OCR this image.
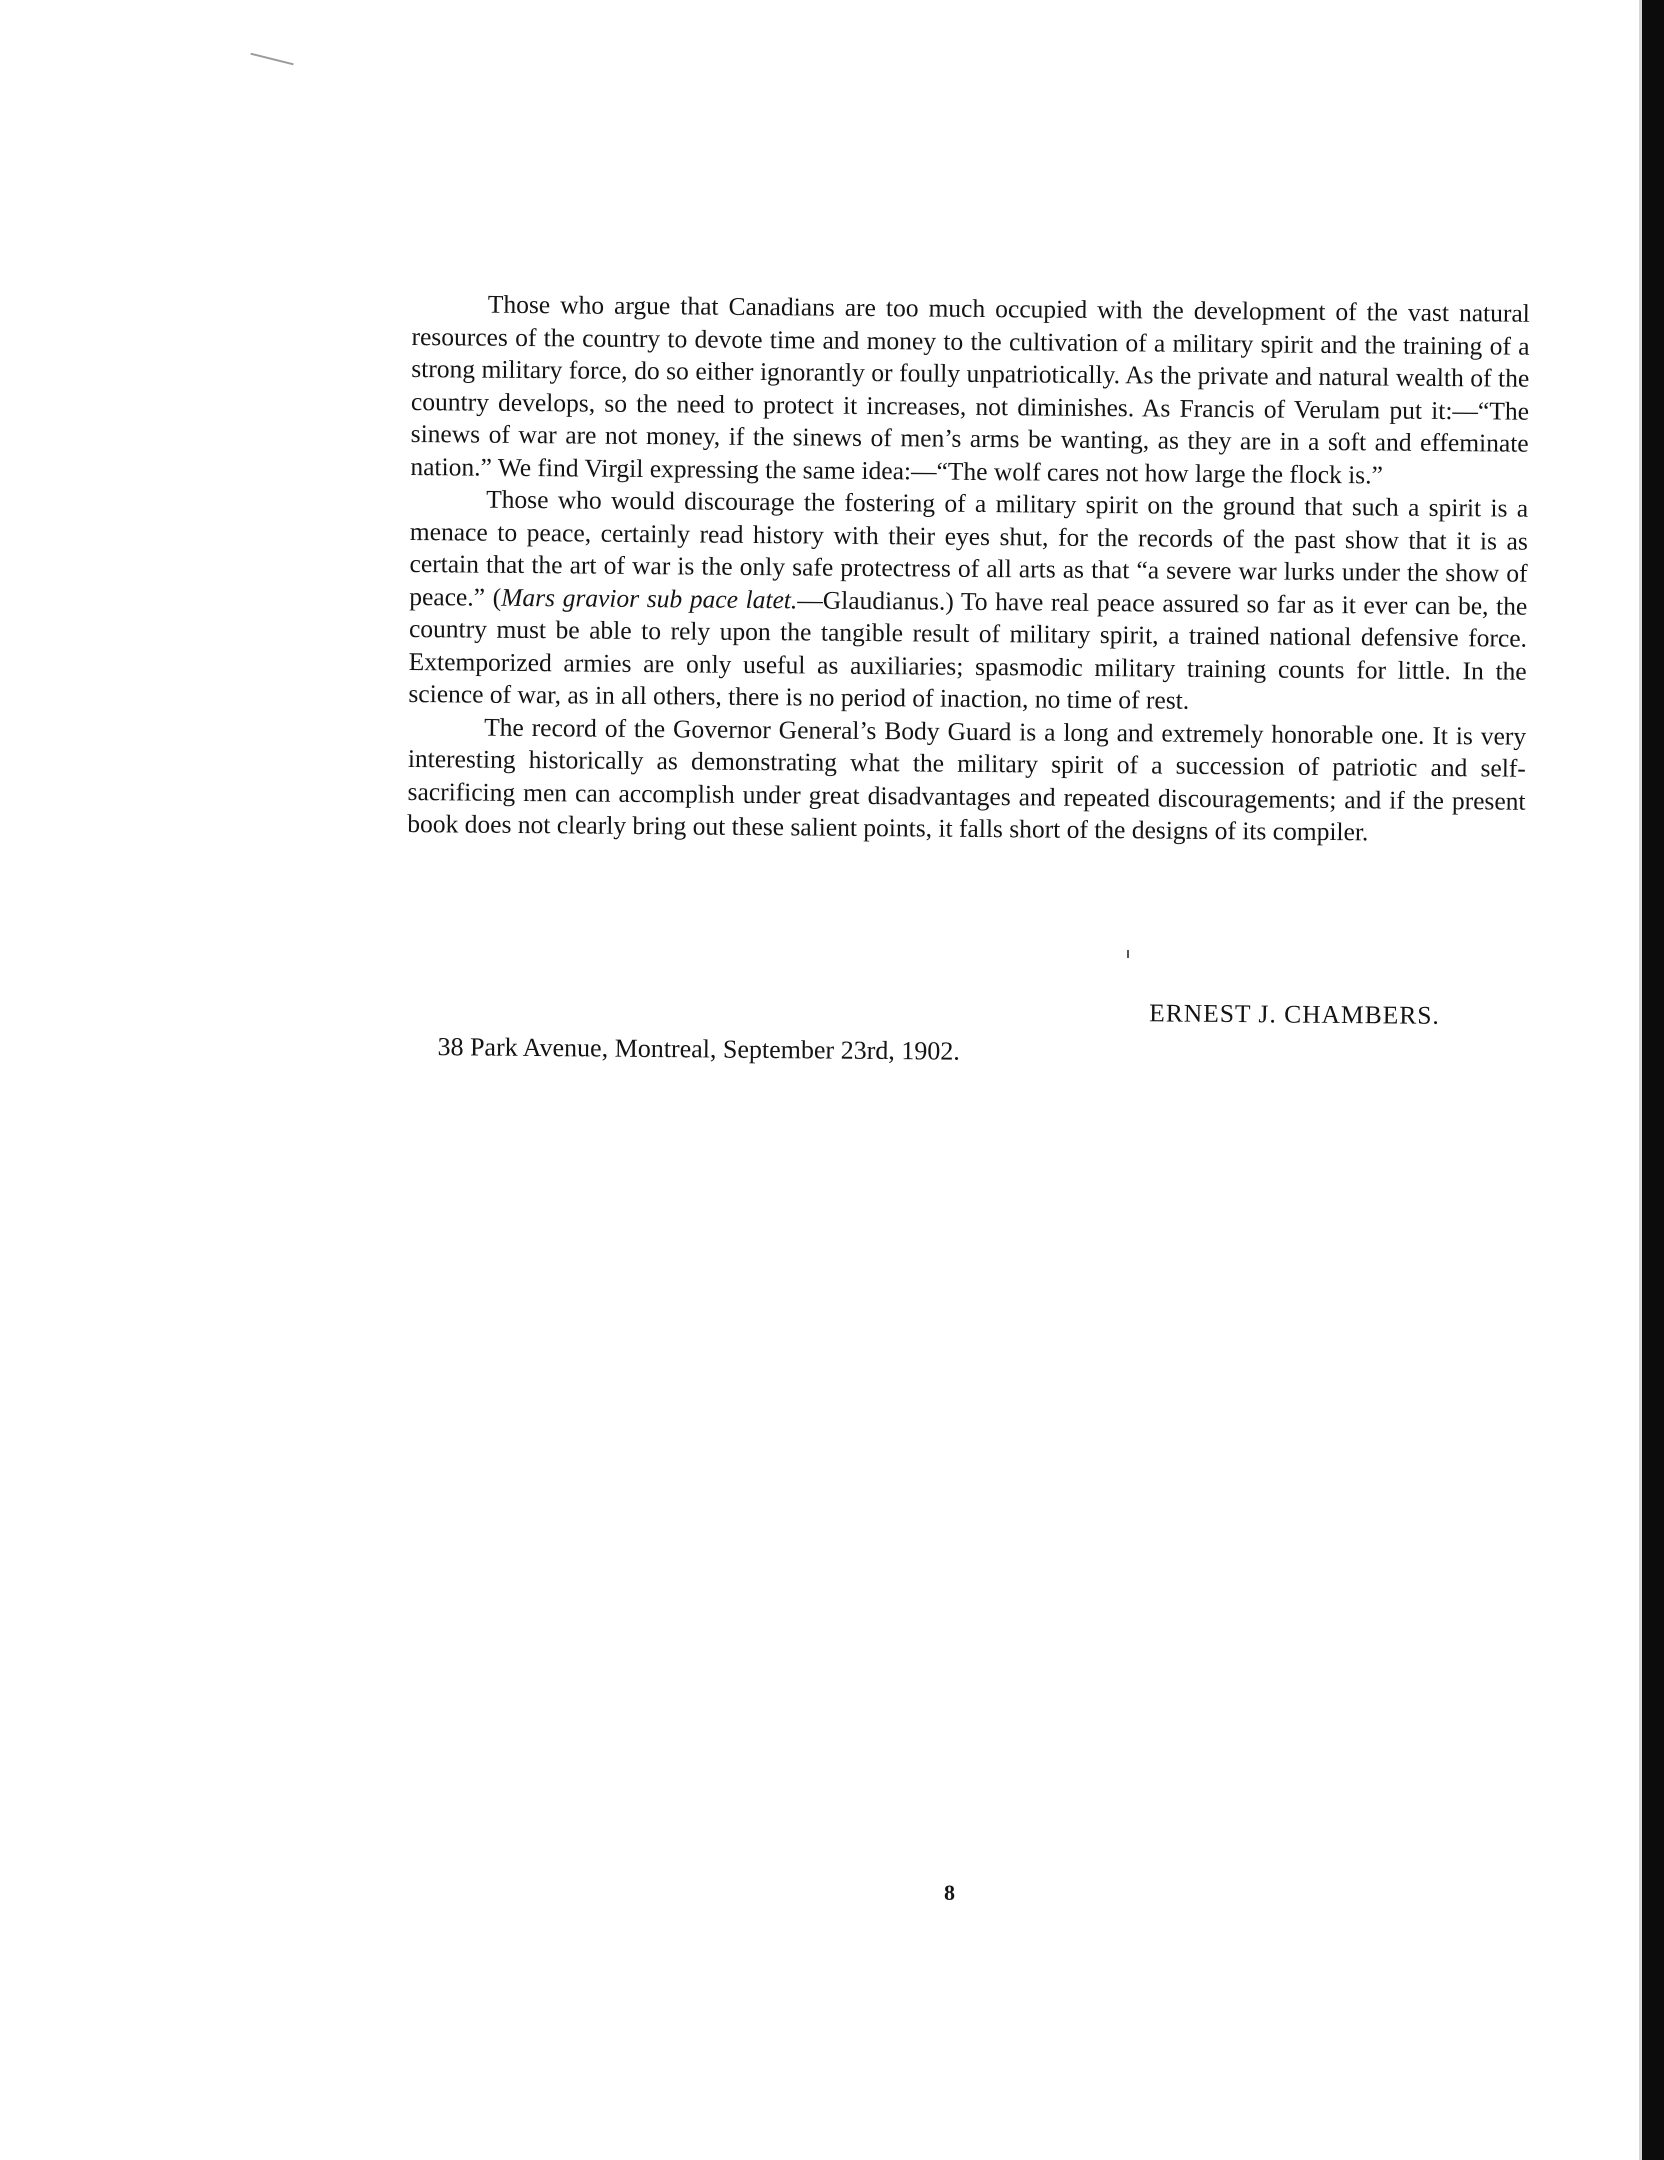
Those who argue that Canadians are too much occupied with the development of the vast natural resources of the country to devote time and money to the cultivation of a military spirit and the training of a strong military force, do so either ignorantly or foully unpatriotically. As the private and natural wealth of the country develops, so the need to protect it increases, not diminishes. As Francis of Verulam put it:—“The sinews of war are not money, if the sinews of men’s arms be wanting, as they are in a soft and effeminate nation.” We find Virgil expressing the same idea:—“The wolf cares not how large the flock is.”

Those who would discourage the fostering of a military spirit on the ground that such a spirit is a menace to peace, certainly read history with their eyes shut, for the records of the past show that it is as certain that the art of war is the only safe protectress of all arts as that “a severe war lurks under the show of peace.” (Mars gravior sub pace latet.—Glaudianus.) To have real peace assured so far as it ever can be, the country must be able to rely upon the tangible result of military spirit, a trained national defensive force. Extemporized armies are only useful as auxiliaries; spasmodic military training counts for little. In the science of war, as in all others, there is no period of inaction, no time of rest.

The record of the Governor General’s Body Guard is a long and extremely honorable one. It is very interesting historically as demonstrating what the military spirit of a succession of patriotic and self-sacrificing men can accomplish under great disadvantages and repeated discouragements; and if the present book does not clearly bring out these salient points, it falls short of the designs of its compiler.

ERNEST J. CHAMBERS.
38 Park Avenue, Montreal, September 23rd, 1902.
8
